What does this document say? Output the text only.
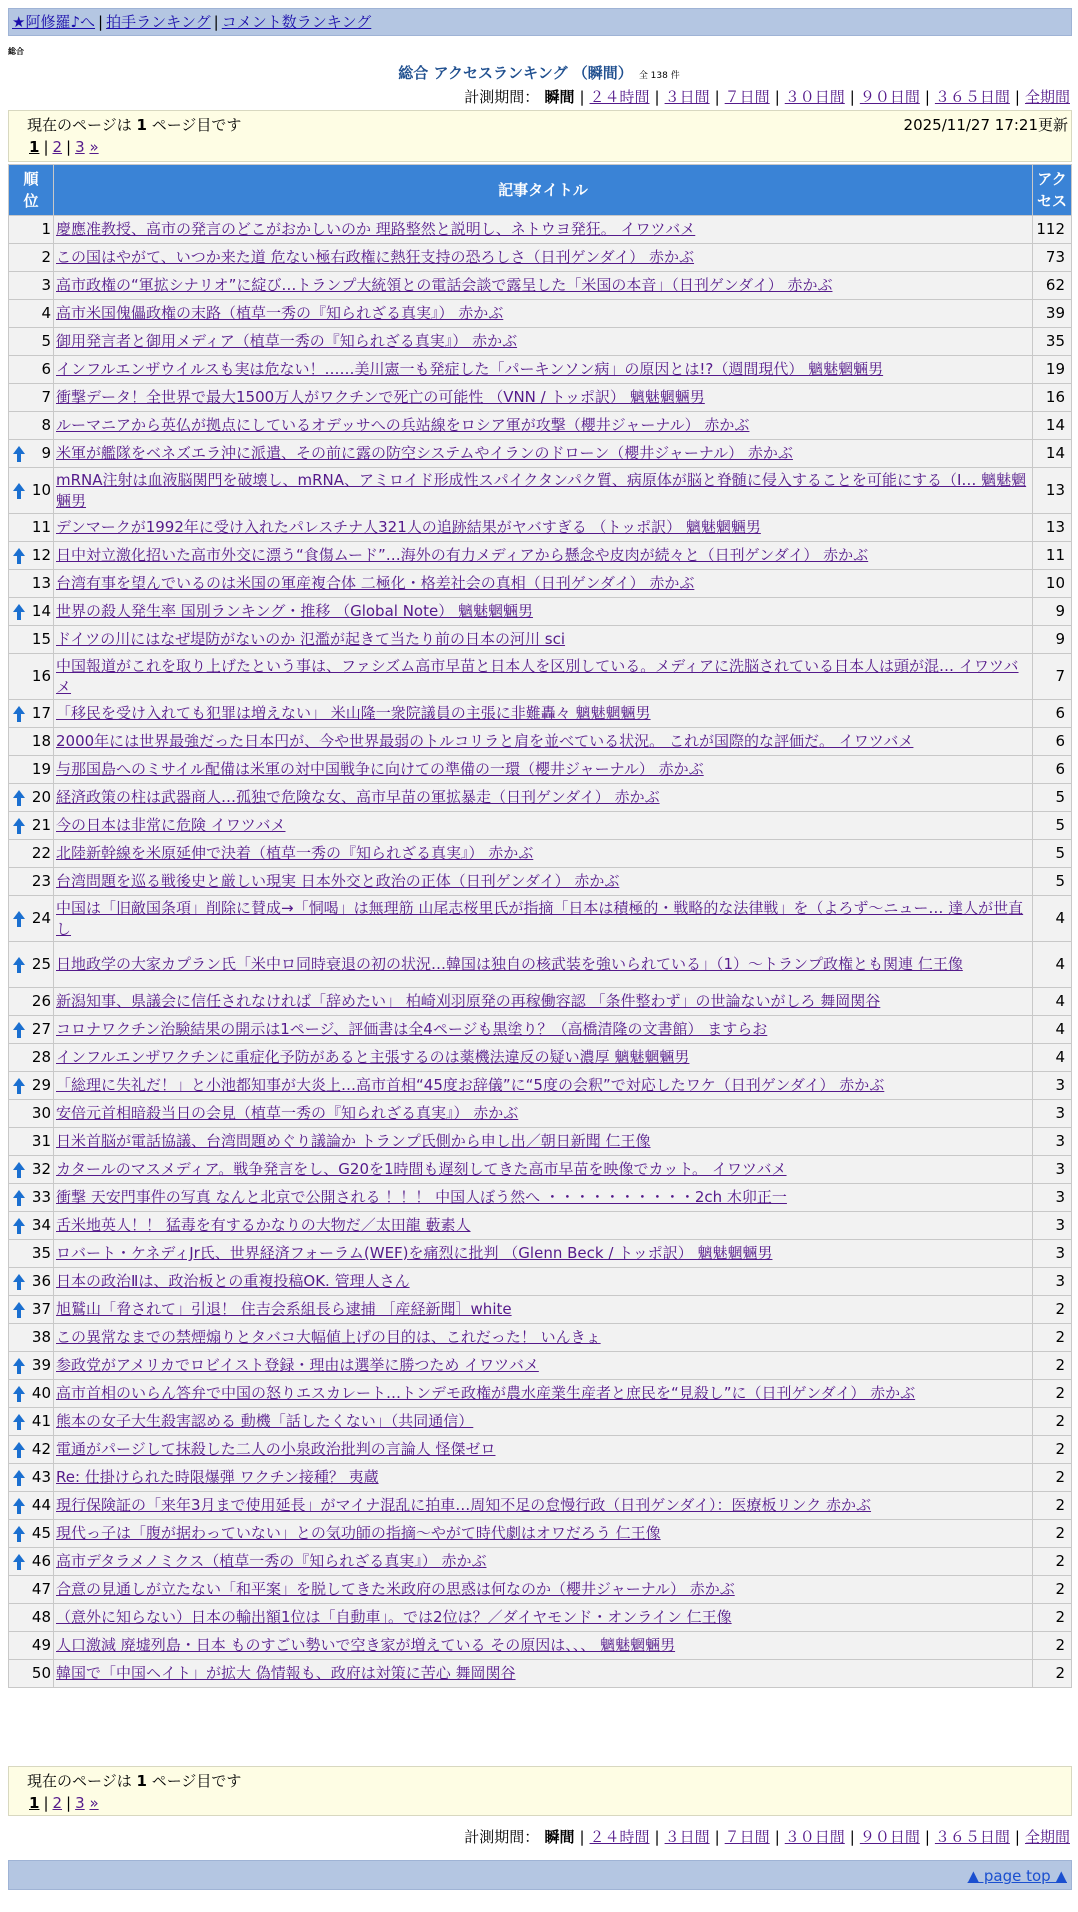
★阿修羅♪へ | 拍手ランキング | コメント数ランキング
総合
総合 アクセスランキング （瞬間） 全 138 件
計測期間： 瞬間 | ２４時間 | ３日間 | ７日間 | ３０日間 | ９０日間 | ３６５日間 | 全期間
現在のページは 1 ページ目です	2025/11/27 17:21更新
1 | 2 | 3 »
順
位	記事タイトル	アク
セス
1	慶應准教授、高市の発言のどこがおかしいのか 理路整然と説明し、ネトウヨ発狂。 イワツバメ	112
2	この国はやがて、いつか来た道 危ない極右政権に熱狂支持の恐ろしさ（日刊ゲンダイ） 赤かぶ	73
3	高市政権の“軍拡シナリオ”に綻び…トランプ大統領との電話会談で露呈した「米国の本音」（日刊ゲンダイ） 赤かぶ	62
4	高市米国傀儡政権の末路（植草一秀の『知られざる真実』） 赤かぶ	39
5	御用発言者と御用メディア（植草一秀の『知られざる真実』） 赤かぶ	35
6	インフルエンザウイルスも実は危ない！……美川憲一も発症した「パーキンソン病」の原因とは!?（週間現代） 魑魅魍魎男	19
7	衝撃データ！全世界で最大1500万人がワクチンで死亡の可能性 （VNN / トッポ訳） 魑魅魍魎男	16
8	ルーマニアから英仏が拠点にしているオデッサへの兵站線をロシア軍が攻撃（櫻井ジャーナル） 赤かぶ	14

9	米軍が艦隊をベネズエラ沖に派遣、その前に露の防空システムやイランのドローン（櫻井ジャーナル） 赤かぶ	14

10	mRNA注射は血液脳関門を破壊し、mRNA、アミロイド形成性スパイクタンパク質、病原体が脳と脊髄に侵入することを可能にする（I… 魑魅魍魎男	13
11	デンマークが1992年に受け入れたパレスチナ人321人の追跡結果がヤバすぎる （トッポ訳） 魑魅魍魎男	13

12	日中対立激化招いた高市外交に漂う“食傷ムード”…海外の有力メディアから懸念や皮肉が続々と（日刊ゲンダイ） 赤かぶ	11
13	台湾有事を望んでいるのは米国の軍産複合体 二極化・格差社会の真相（日刊ゲンダイ） 赤かぶ	10

14	世界の殺人発生率 国別ランキング・推移 （Global Note） 魑魅魍魎男	9
15	ドイツの川にはなぜ堤防がないのか 氾濫が起きて当たり前の日本の河川 sci	9
16	中国報道がこれを取り上げたという事は、ファシズム高市早苗と日本人を区別している。メディアに洗脳されている日本人は頭が混… イワツバメ	7

17	「移民を受け入れても犯罪は増えない」 米山隆一衆院議員の主張に非難轟々 魑魅魍魎男	6
18	2000年には世界最強だった日本円が、今や世界最弱のトルコリラと肩を並べている状況。 これが国際的な評価だ。 イワツバメ	6
19	与那国島へのミサイル配備は米軍の対中国戦争に向けての準備の一環（櫻井ジャーナル） 赤かぶ	6

20	経済政策の柱は武器商人…孤独で危険な女、高市早苗の軍拡暴走（日刊ゲンダイ） 赤かぶ	5

21	今の日本は非常に危険 イワツバメ	5
22	北陸新幹線を米原延伸で決着（植草一秀の『知られざる真実』） 赤かぶ	5
23	台湾問題を巡る戦後史と厳しい現実 日本外交と政治の正体（日刊ゲンダイ） 赤かぶ	5

24	中国は「旧敵国条項」削除に賛成→「恫喝」は無理筋 山尾志桜里氏が指摘「日本は積極的・戦略的な法律戦」を（よろず～ニュー… 達人が世直し	4

25	日地政学の大家カプラン氏「米中ロ同時衰退の初の状況…韓国は独自の核武装を強いられている」（1）～トランプ政権とも関連 仁王像	4
26	新潟知事、県議会に信任されなければ「辞めたい」 柏崎刈羽原発の再稼働容認 「条件整わず」の世論ないがしろ 舞岡関谷	4

27	コロナワクチン治験結果の開示は1ページ、評価書は全4ページも黒塗り？（高橋清隆の文書館） ますらお	4
28	インフルエンザワクチンに重症化予防があると主張するのは薬機法違反の疑い濃厚 魑魅魍魎男	4

29	「総理に失礼だ！」と小池都知事が大炎上…高市首相“45度お辞儀”に“5度の会釈”で対応したワケ（日刊ゲンダイ） 赤かぶ	3
30	安倍元首相暗殺当日の会見（植草一秀の『知られざる真実』） 赤かぶ	3
31	日米首脳が電話協議、台湾問題めぐり議論か トランプ氏側から申し出／朝日新聞 仁王像	3

32	カタールのマスメディア。戦争発言をし、G20を1時間も遅刻してきた高市早苗を映像でカット。 イワツバメ	3

33	衝撃 天安門事件の写真 なんと北京で公開される ！！！ 中国人ぼう然へ ・・・・・・・・・・2ch 木卯正一	3

34	舌米地英人！！ 猛毒を有するかなりの大物だ／太田龍 藪素人	3
35	ロバート・ケネディJr氏、世界経済フォーラム(WEF)を痛烈に批判 （Glenn Beck / トッポ訳） 魑魅魍魎男	3

36	日本の政治Ⅱは、政治板との重複投稿OK. 管理人さん	3

37	旭鷲山「脅されて」引退！ 住吉会系組長ら逮捕 ［産経新聞］white	2
38	この異常なまでの禁煙煽りとタバコ大幅値上げの目的は、これだった！ いんきょ	2

39	参政党がアメリカでロビイスト登録・理由は選挙に勝つため イワツバメ	2

40	高市首相のいらん答弁で中国の怒りエスカレート…トンデモ政権が農水産業生産者と庶民を“見殺し”に（日刊ゲンダイ） 赤かぶ	2

41	熊本の女子大生殺害認める 動機「話したくない」（共同通信）	2

42	電通がパージして抹殺した二人の小泉政治批判の言論人 怪傑ゼロ	2

43	Re: 仕掛けられた時限爆弾 ワクチン接種？ 夷蔵	2

44	現行保険証の「来年3月まで使用延長」がマイナ混乱に拍車…周知不足の怠慢行政（日刊ゲンダイ）：医療板リンク 赤かぶ	2

45	現代っ子は「腹が据わっていない」との気功師の指摘～やがて時代劇はオワだろう 仁王像	2

46	高市デタラメノミクス（植草一秀の『知られざる真実』） 赤かぶ	2
47	合意の見通しが立たない「和平案」を脱してきた米政府の思惑は何なのか（櫻井ジャーナル） 赤かぶ	2
48	（意外に知らない）日本の輸出額1位は「自動車」。では2位は？／ダイヤモンド・オンライン 仁王像	2
49	人口激減 廃墟列島・日本 ものすごい勢いで空き家が増えている その原因は、、、 魑魅魍魎男	2
50	韓国で「中国ヘイト」が拡大 偽情報も、政府は対策に苦心 舞岡関谷	2
現在のページは 1 ページ目です
1 | 2 | 3 »
計測期間： 瞬間 | ２４時間 | ３日間 | ７日間 | ３０日間 | ９０日間 | ３６５日間 | 全期間
▲ page top ▲
